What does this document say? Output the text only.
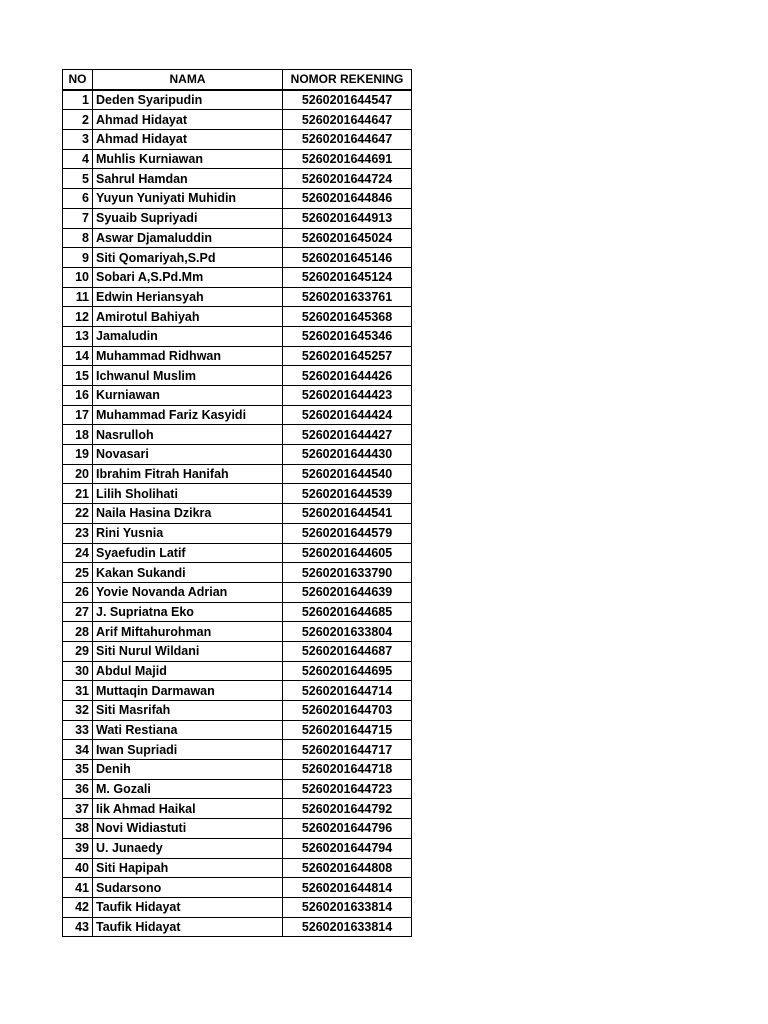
NO	NAMA	NOMOR REKENING
1	Deden Syaripudin	5260201644547
2	Ahmad Hidayat	5260201644647
3	Ahmad Hidayat	5260201644647
4	Muhlis Kurniawan	5260201644691
5	Sahrul Hamdan	5260201644724
6	Yuyun Yuniyati Muhidin	5260201644846
7	Syuaib Supriyadi	5260201644913
8	Aswar Djamaluddin	5260201645024
9	Siti Qomariyah,S.Pd	5260201645146
10	Sobari A,S.Pd.Mm	5260201645124
11	Edwin Heriansyah	5260201633761
12	Amirotul Bahiyah	5260201645368
13	Jamaludin	5260201645346
14	Muhammad Ridhwan	5260201645257
15	Ichwanul Muslim	5260201644426
16	Kurniawan	5260201644423
17	Muhammad Fariz Kasyidi	5260201644424
18	Nasrulloh	5260201644427
19	Novasari	5260201644430
20	Ibrahim Fitrah Hanifah	5260201644540
21	Lilih Sholihati	5260201644539
22	Naila Hasina Dzikra	5260201644541
23	Rini Yusnia	5260201644579
24	Syaefudin Latif	5260201644605
25	Kakan Sukandi	5260201633790
26	Yovie Novanda Adrian	5260201644639
27	J. Supriatna Eko	5260201644685
28	Arif Miftahurohman	5260201633804
29	Siti Nurul Wildani	5260201644687
30	Abdul Majid	5260201644695
31	Muttaqin Darmawan	5260201644714
32	Siti Masrifah	5260201644703
33	Wati Restiana	5260201644715
34	Iwan Supriadi	5260201644717
35	Denih	5260201644718
36	M. Gozali	5260201644723
37	Iik Ahmad Haikal	5260201644792
38	Novi Widiastuti	5260201644796
39	U. Junaedy	5260201644794
40	Siti Hapipah	5260201644808
41	Sudarsono	5260201644814
42	Taufik Hidayat	5260201633814
43	Taufik Hidayat	5260201633814
